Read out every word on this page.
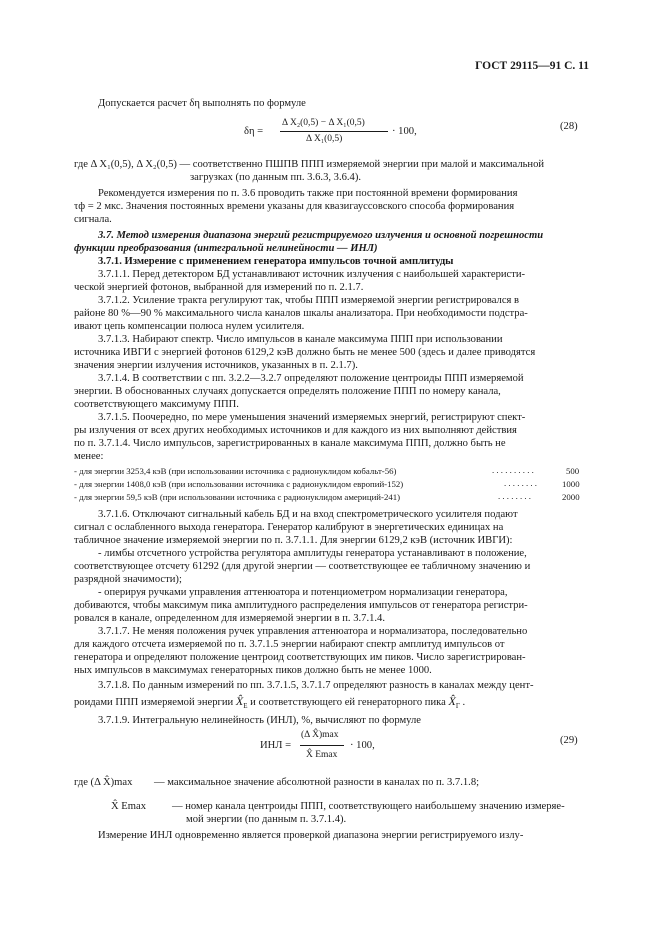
ГОСТ 29115—91 С. 11
Допускается расчет δη выполнять по формуле
δη =
Δ X₂(0,5) − Δ X₁(0,5)
Δ X₁(0,5)
· 100,	(28)
где Δ X₁(0,5), Δ X₂(0,5) — соответственно ПШПВ ППП измеряемой энергии при малой и максимальной
загрузках (по данным пп. 3.6.3, 3.6.4).
Рекомендуется измерения по п. 3.6 проводить также при постоянной времени формирования
τф = 2 мкс. Значения постоянных времени указаны для квазигауссовского способа формирования
сигнала.
3.7. Метод измерения диапазона энергий регистрируемого излучения и основной погрешности
функции преобразования (интегральной нелинейности — ИНЛ)
3.7.1. Измерение с применением генератора импульсов точной амплитуды
3.7.1.1. Перед детектором БД устанавливают источник излучения с наибольшей характеристи-
ческой энергией фотонов, выбранной для измерений по п. 2.1.7.
3.7.1.2. Усиление тракта регулируют так, чтобы ППП измеряемой энергии регистрировался в
районе 80 %—90 % максимального числа каналов шкалы анализатора. При необходимости подстра-
ивают цепь компенсации полюса нулем усилителя.
3.7.1.3. Набирают спектр. Число импульсов в канале максимума ППП при использовании
источника ИВГИ с энергией фотонов 6129,2 кэВ должно быть не менее 500 (здесь и далее приводятся
значения энергии излучения источников, указанных в п. 2.1.7).
3.7.1.4. В соответствии с пп. 3.2.2—3.2.7 определяют положение центроиды ППП измеряемой
энергии. В обоснованных случаях допускается определять положение ППП по номеру канала,
соответствующего максимуму ППП.
3.7.1.5. Поочередно, по мере уменьшения значений измеряемых энергий, регистрируют спект-
ры излучения от всех других необходимых источников и для каждого из них выполняют действия
по п. 3.7.1.4. Число импульсов, зарегистрированных в канале максимума ППП, должно быть не
менее:
- для энергии 3253,4 кэВ (при использовании источника с радионуклидом кобальт-56)	. . . . . . . . . .	500
- для энергии 1408,0 кэВ (при использовании источника с радионуклидом европий-152)	. . . . . . . .	1000
- для энергии 59,5 кэВ (при использовании источника с радионуклидом америций-241)	. . . . . . . .	2000
3.7.1.6. Отключают сигнальный кабель БД и на вход спектрометрического усилителя подают
сигнал с ослабленного выхода генератора. Генератор калибруют в энергетических единицах на
табличное значение измеряемой энергии по п. 3.7.1.1. Для энергии 6129,2 кэВ (источник ИВГИ):
- лимбы отсчетного устройства регулятора амплитуды генератора устанавливают в положение,
соответствующее отсчету 61292 (для другой энергии — соответствующее ее табличному значению и
разрядной значимости);
- оперируя ручками управления аттенюатора и потенциометром нормализации генератора,
добиваются, чтобы максимум пика амплитудного распределения импульсов от генератора регистри-
ровался в канале, определенном для измеряемой энергии в п. 3.7.1.4.
3.7.1.7. Не меняя положения ручек управления аттенюатора и нормализатора, последовательно
для каждого отсчета измеряемой по п. 3.7.1.5 энергии набирают спектр амплитуд импульсов от
генератора и определяют положение центроид соответствующих им пиков. Число зарегистрирован-
ных импульсов в максимумах генераторных пиков должно быть не менее 1000.
3.7.1.8. По данным измерений по пп. 3.7.1.5, 3.7.1.7 определяют разность в каналах между цент-
роидами ППП измеряемой энергии $X̂_E$ и соответствующего ей генераторного пика $X̂_Г$ .
3.7.1.9. Интегральную нелинейность (ИНЛ), %, вычисляют по формуле
ИНЛ =
(Δ X̂)max
X̂ Emax
· 100,	(29)
где (Δ X̂)max — максимальное значение абсолютной разности в каналах по п. 3.7.1.8;
X̂ Emax — номер канала центроиды ППП, соответствующего наибольшему значению измеряе-
мой энергии (по данным п. 3.7.1.4).
Измерение ИНЛ одновременно является проверкой диапазона энергии регистрируемого излу-
